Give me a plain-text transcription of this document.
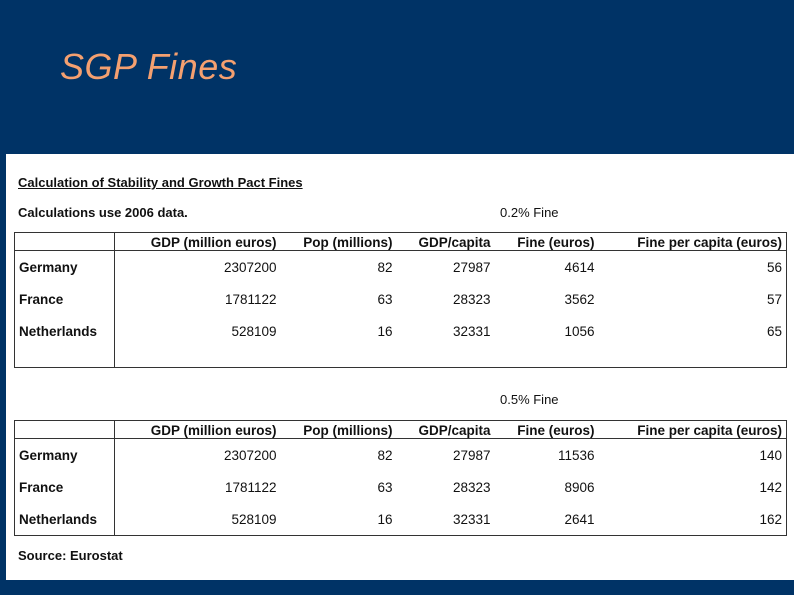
SGP Fines
Calculation of Stability and Growth Pact Fines
Calculations use 2006 data.	0.2% Fine
	GDP (million euros)	Pop (millions)	GDP/capita	Fine (euros)	Fine per capita (euros)
Germany	2307200	82	27987	4614	56
France	1781122	63	28323	3562	57
Netherlands	528109	16	32331	1056	65

0.5% Fine
	GDP (million euros)	Pop (millions)	GDP/capita	Fine (euros)	Fine per capita (euros)
Germany	2307200	82	27987	11536	140
France	1781122	63	28323	8906	142
Netherlands	528109	16	32331	2641	162
Source: Eurostat
